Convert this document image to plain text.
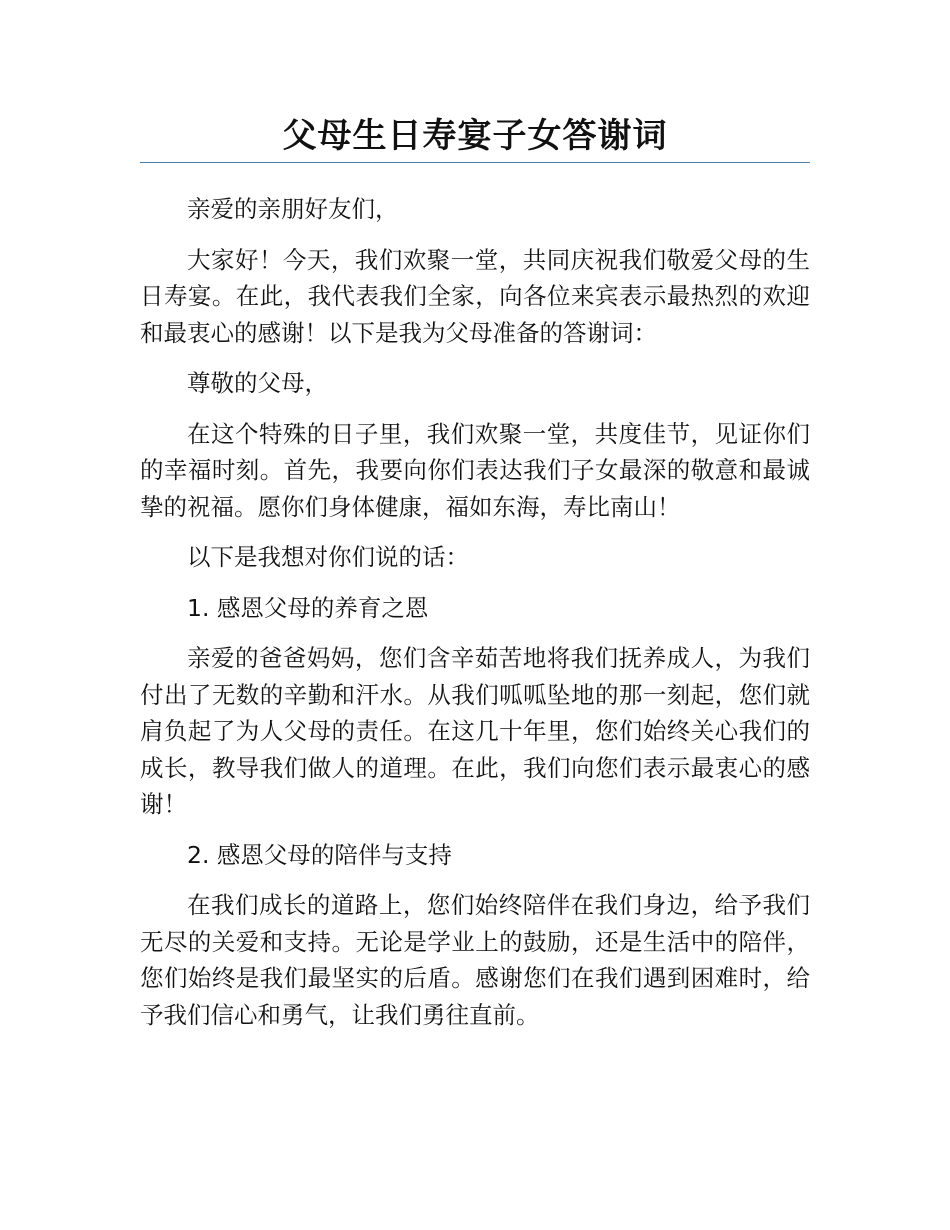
父母生日寿宴子女答谢词

亲爱的亲朋好友们，

大家好！今天，我们欢聚一堂，共同庆祝我们敬爱父母的生日寿宴。在此，我代表我们全家，向各位来宾表示最热烈的欢迎和最衷心的感谢！以下是我为父母准备的答谢词：

尊敬的父母，

在这个特殊的日子里，我们欢聚一堂，共度佳节，见证你们的幸福时刻。首先，我要向你们表达我们子女最深的敬意和最诚挚的祝福。愿你们身体健康，福如东海，寿比南山！

以下是我想对你们说的话：

1. 感恩父母的养育之恩

亲爱的爸爸妈妈，您们含辛茹苦地将我们抚养成人，为我们付出了无数的辛勤和汗水。从我们呱呱坠地的那一刻起，您们就肩负起了为人父母的责任。在这几十年里，您们始终关心我们的成长，教导我们做人的道理。在此，我们向您们表示最衷心的感谢！

2. 感恩父母的陪伴与支持

在我们成长的道路上，您们始终陪伴在我们身边，给予我们无尽的关爱和支持。无论是学业上的鼓励，还是生活中的陪伴，您们始终是我们最坚实的后盾。感谢您们在我们遇到困难时，给予我们信心和勇气，让我们勇往直前。
